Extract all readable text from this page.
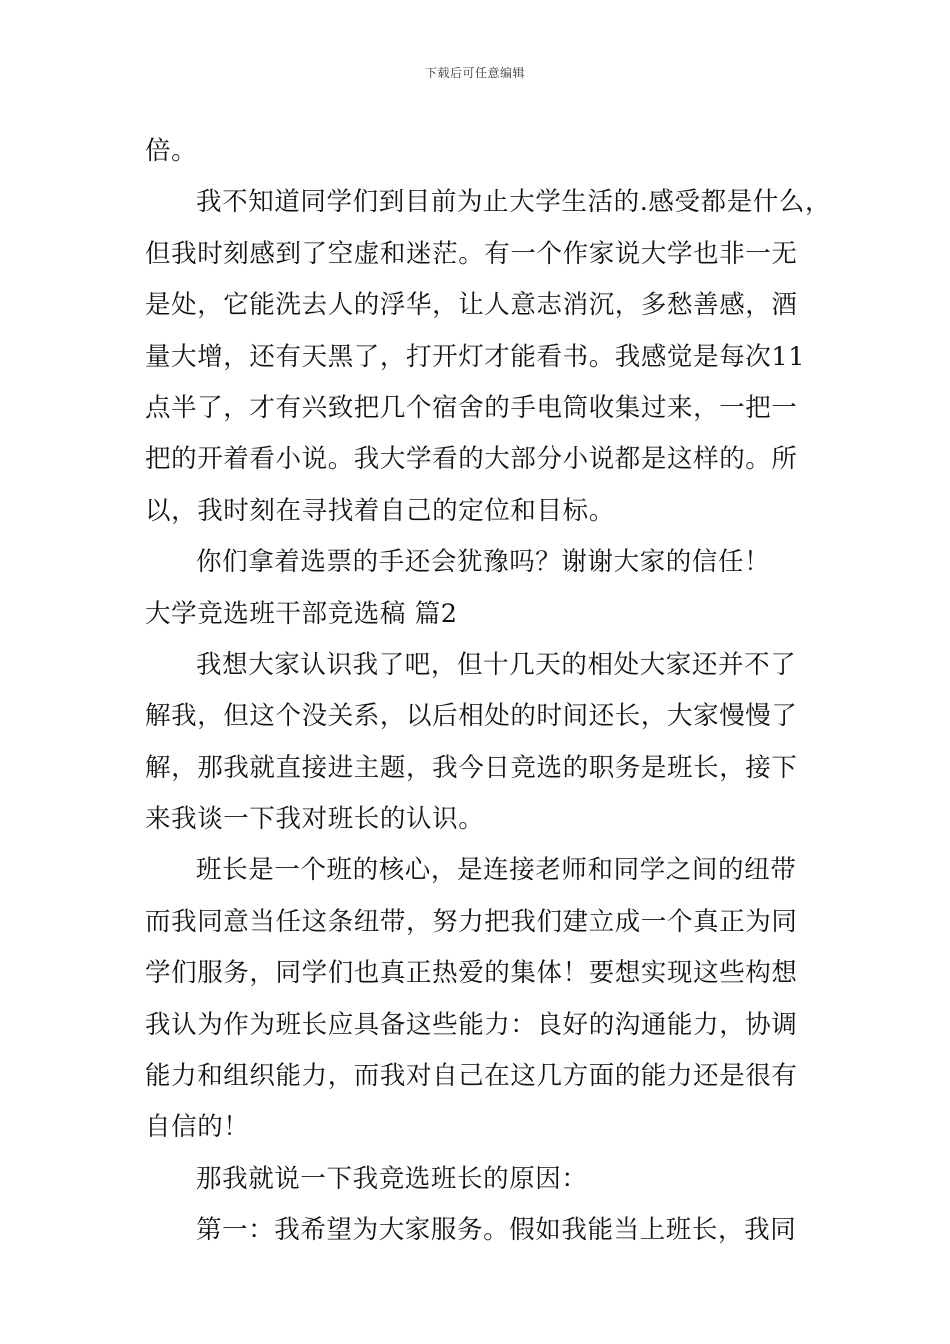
下载后可任意编辑
倍。
我不知道同学们到目前为止大学生活的.感受都是什么，
但我时刻感到了空虚和迷茫。有一个作家说大学也非一无
是处，它能洗去人的浮华，让人意志消沉，多愁善感，酒
量大增，还有天黑了，打开灯才能看书。我感觉是每次11
点半了，才有兴致把几个宿舍的手电筒收集过来，一把一
把的开着看小说。我大学看的大部分小说都是这样的。所
以，我时刻在寻找着自己的定位和目标。
你们拿着选票的手还会犹豫吗？谢谢大家的信任！
大学竞选班干部竞选稿 篇2
我想大家认识我了吧，但十几天的相处大家还并不了
解我，但这个没关系，以后相处的时间还长，大家慢慢了
解，那我就直接进主题，我今日竞选的职务是班长，接下
来我谈一下我对班长的认识。
班长是一个班的核心，是连接老师和同学之间的纽带
而我同意当任这条纽带，努力把我们建立成一个真正为同
学们服务，同学们也真正热爱的集体！要想实现这些构想
我认为作为班长应具备这些能力：良好的沟通能力，协调
能力和组织能力，而我对自己在这几方面的能力还是很有
自信的！
那我就说一下我竞选班长的原因：
第一：我希望为大家服务。假如我能当上班长，我同
